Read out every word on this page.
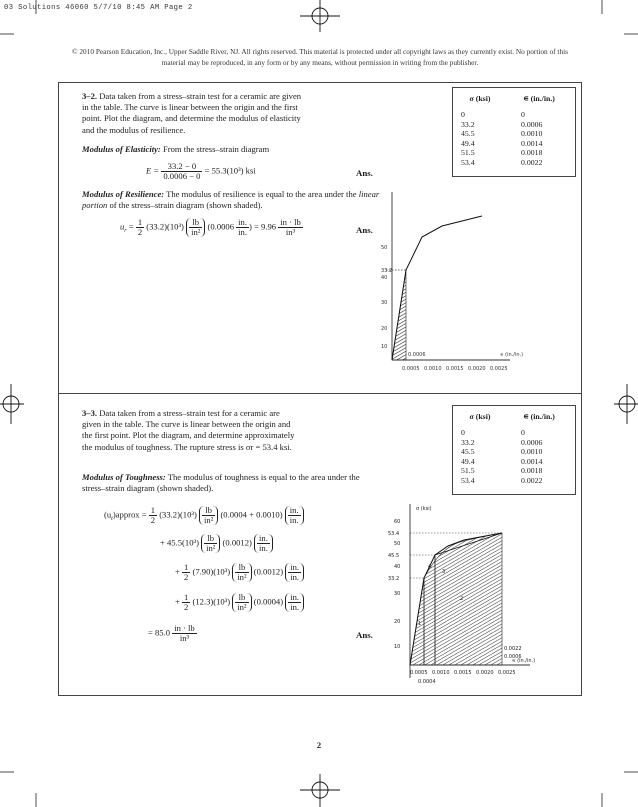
03 Solutions 46060 5/7/10 8:45 AM Page 2
© 2010 Pearson Education, Inc., Upper Saddle River, NJ. All rights reserved. This material is protected under all copyright laws as they currently exist. No portion of this material may be reproduced, in any form or by any means, without permission in writing from the publisher.
3–2. Data taken from a stress–strain test for a ceramic are given in the table. The curve is linear between the origin and the first point. Plot the diagram, and determine the modulus of elasticity and the modulus of resilience.
σ (ksi)	∊ (in./in.)
0	0
33.2	0.0006
45.5	0.0010
49.4	0.0014
51.5	0.0018
53.4	0.0022
Modulus of Elasticity: From the stress–strain diagram
$E = \frac{33.2 - 0}{0.0006 - 0} = 55.3(10^3)$ ksi	Ans.
Modulus of Resilience: The modulus of resilience is equal to the area under the linear portion of the stress–strain diagram (shown shaded).
$u_r = \frac{1}{2} (33.2)(10^3) \frac{lb}{\text{in²}} (0.0006 \frac{in.}{in.}$ ) = $9.96 \frac{in \cdot lb}{\text{in³}}$	Ans.
33.2
50
40
30
20
10
0.0006
0.0005 0.0010 0.0015 0.0020 0.0025
∊ (in./in.)
3–3. Data taken from a stress–strain test for a ceramic are given in the table. The curve is linear between the origin and the first point. Plot the diagram, and determine approximately the modulus of toughness. The rupture stress is σr = 53.4 ksi.
σ (ksi)	∊ (in./in.)
0	0
33.2	0.0006
45.5	0.0010
49.4	0.0014
51.5	0.0018
53.4	0.0022
Modulus of Toughness: The modulus of toughness is equal to the area under the stress–strain diagram (shown shaded).
$(u_t)approx = \frac{1}{2} (33.2)(10^3) \frac{lb}{\text{in²}} (0.0004 + 0.0010) \frac{in.}{in.}$
+ $45.5(10^3) \frac{lb}{\text{in²}} (0.0012) \frac{in.}{in.}$
+ $\frac{1}{2} (7.90)(10^3) \frac{lb}{\text{in²}} (0.0012) \frac{in.}{in.}$
+ $\frac{1}{2} (12.3)(10^3) \frac{lb}{\text{in²}} (0.0004) \frac{in.}{in.}$
= $85.0 \frac{in \cdot lb}{\text{in³}}$	Ans.
σ (ksi)
60
53.4
50
45.5
40
33.2
30
20
10
1
2
3
4
0.0022
0.0006
0.0005 0.0010 0.0015 0.0020 0.0025
∊ (in./in.)
0.0004
2
